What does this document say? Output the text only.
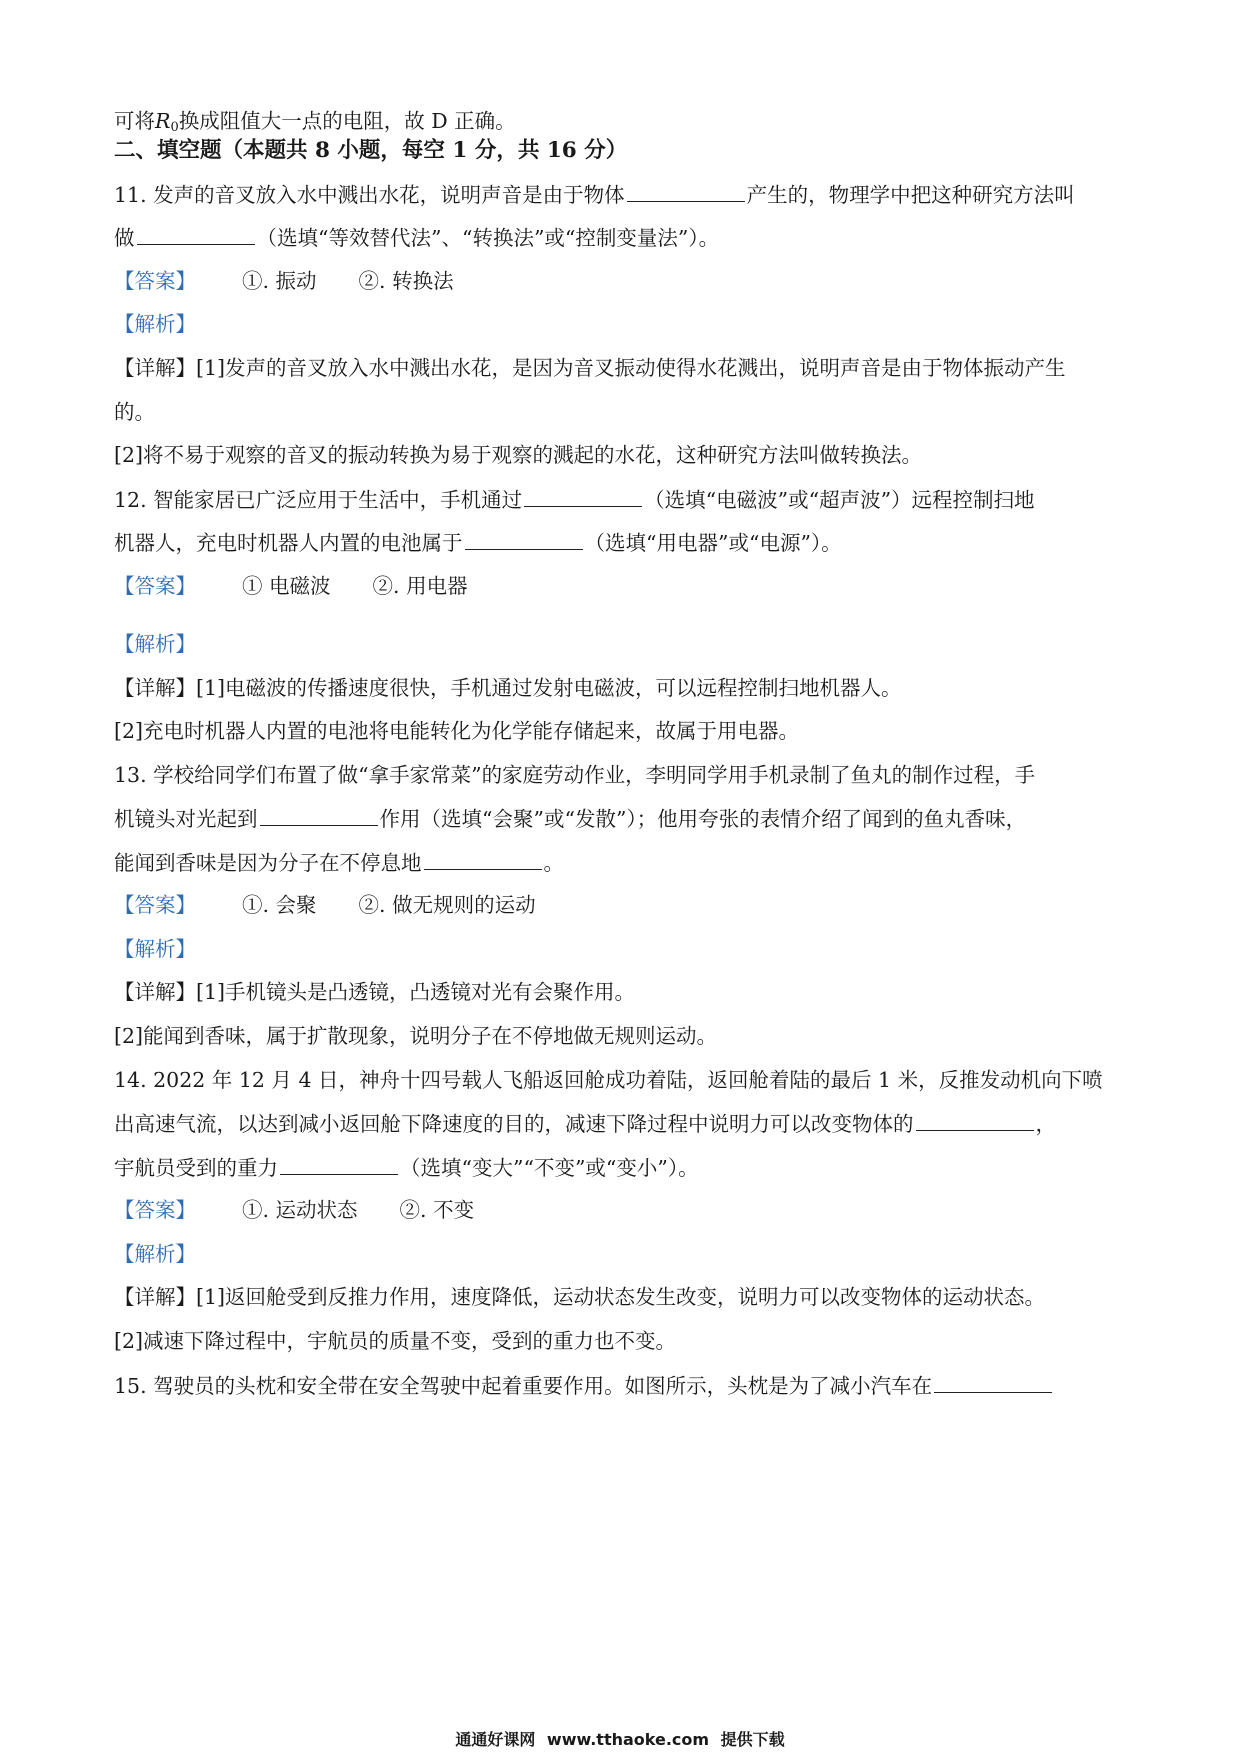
可将$R_0$换成阻值大一点的电阻，故 D 正确。
二、填空题（本题共 8 小题，每空 1 分，共 16 分）
11. 发声的音叉放入水中溅出水花，说明声音是由于物体	产生的，物理学中把这种研究方法叫
做	（选填“等效替代法”、“转换法”或“控制变量法”）。
【答案】 ①. 振动 ②. 转换法
【解析】
【详解】[1]发声的音叉放入水中溅出水花，是因为音叉振动使得水花溅出，说明声音是由于物体振动产生
的。
[2]将不易于观察的音叉的振动转换为易于观察的溅起的水花，这种研究方法叫做转换法。
12. 智能家居已广泛应用于生活中，手机通过	（选填“电磁波”或“超声波”）远程控制扫地
机器人，充电时机器人内置的电池属于	（选填“用电器”或“电源”）。
【答案】 ① 电磁波 ②. 用电器
【解析】
【详解】[1]电磁波的传播速度很快，手机通过发射电磁波，可以远程控制扫地机器人。
[2]充电时机器人内置的电池将电能转化为化学能存储起来，故属于用电器。
13. 学校给同学们布置了做“拿手家常菜”的家庭劳动作业，李明同学用手机录制了鱼丸的制作过程，手
机镜头对光起到	作用（选填“会聚”或“发散”）；他用夸张的表情介绍了闻到的鱼丸香味，
能闻到香味是因为分子在不停息地	。
【答案】 ①. 会聚 ②. 做无规则的运动
【解析】
【详解】[1]手机镜头是凸透镜，凸透镜对光有会聚作用。
[2]能闻到香味，属于扩散现象，说明分子在不停地做无规则运动。
14. 2022 年 12 月 4 日，神舟十四号载人飞船返回舱成功着陆，返回舱着陆的最后 1 米，反推发动机向下喷
出高速气流，以达到减小返回舱下降速度的目的，减速下降过程中说明力可以改变物体的	，
宇航员受到的重力	（选填“变大”“不变”或“变小”）。
【答案】 ①. 运动状态 ②. 不变
【解析】
【详解】[1]返回舱受到反推力作用，速度降低，运动状态发生改变，说明力可以改变物体的运动状态。
[2]减速下降过程中，宇航员的质量不变，受到的重力也不变。
15. 驾驶员的头枕和安全带在安全驾驶中起着重要作用。如图所示，头枕是为了减小汽车在
通通好课网 www.tthaoke.com 提供下载
